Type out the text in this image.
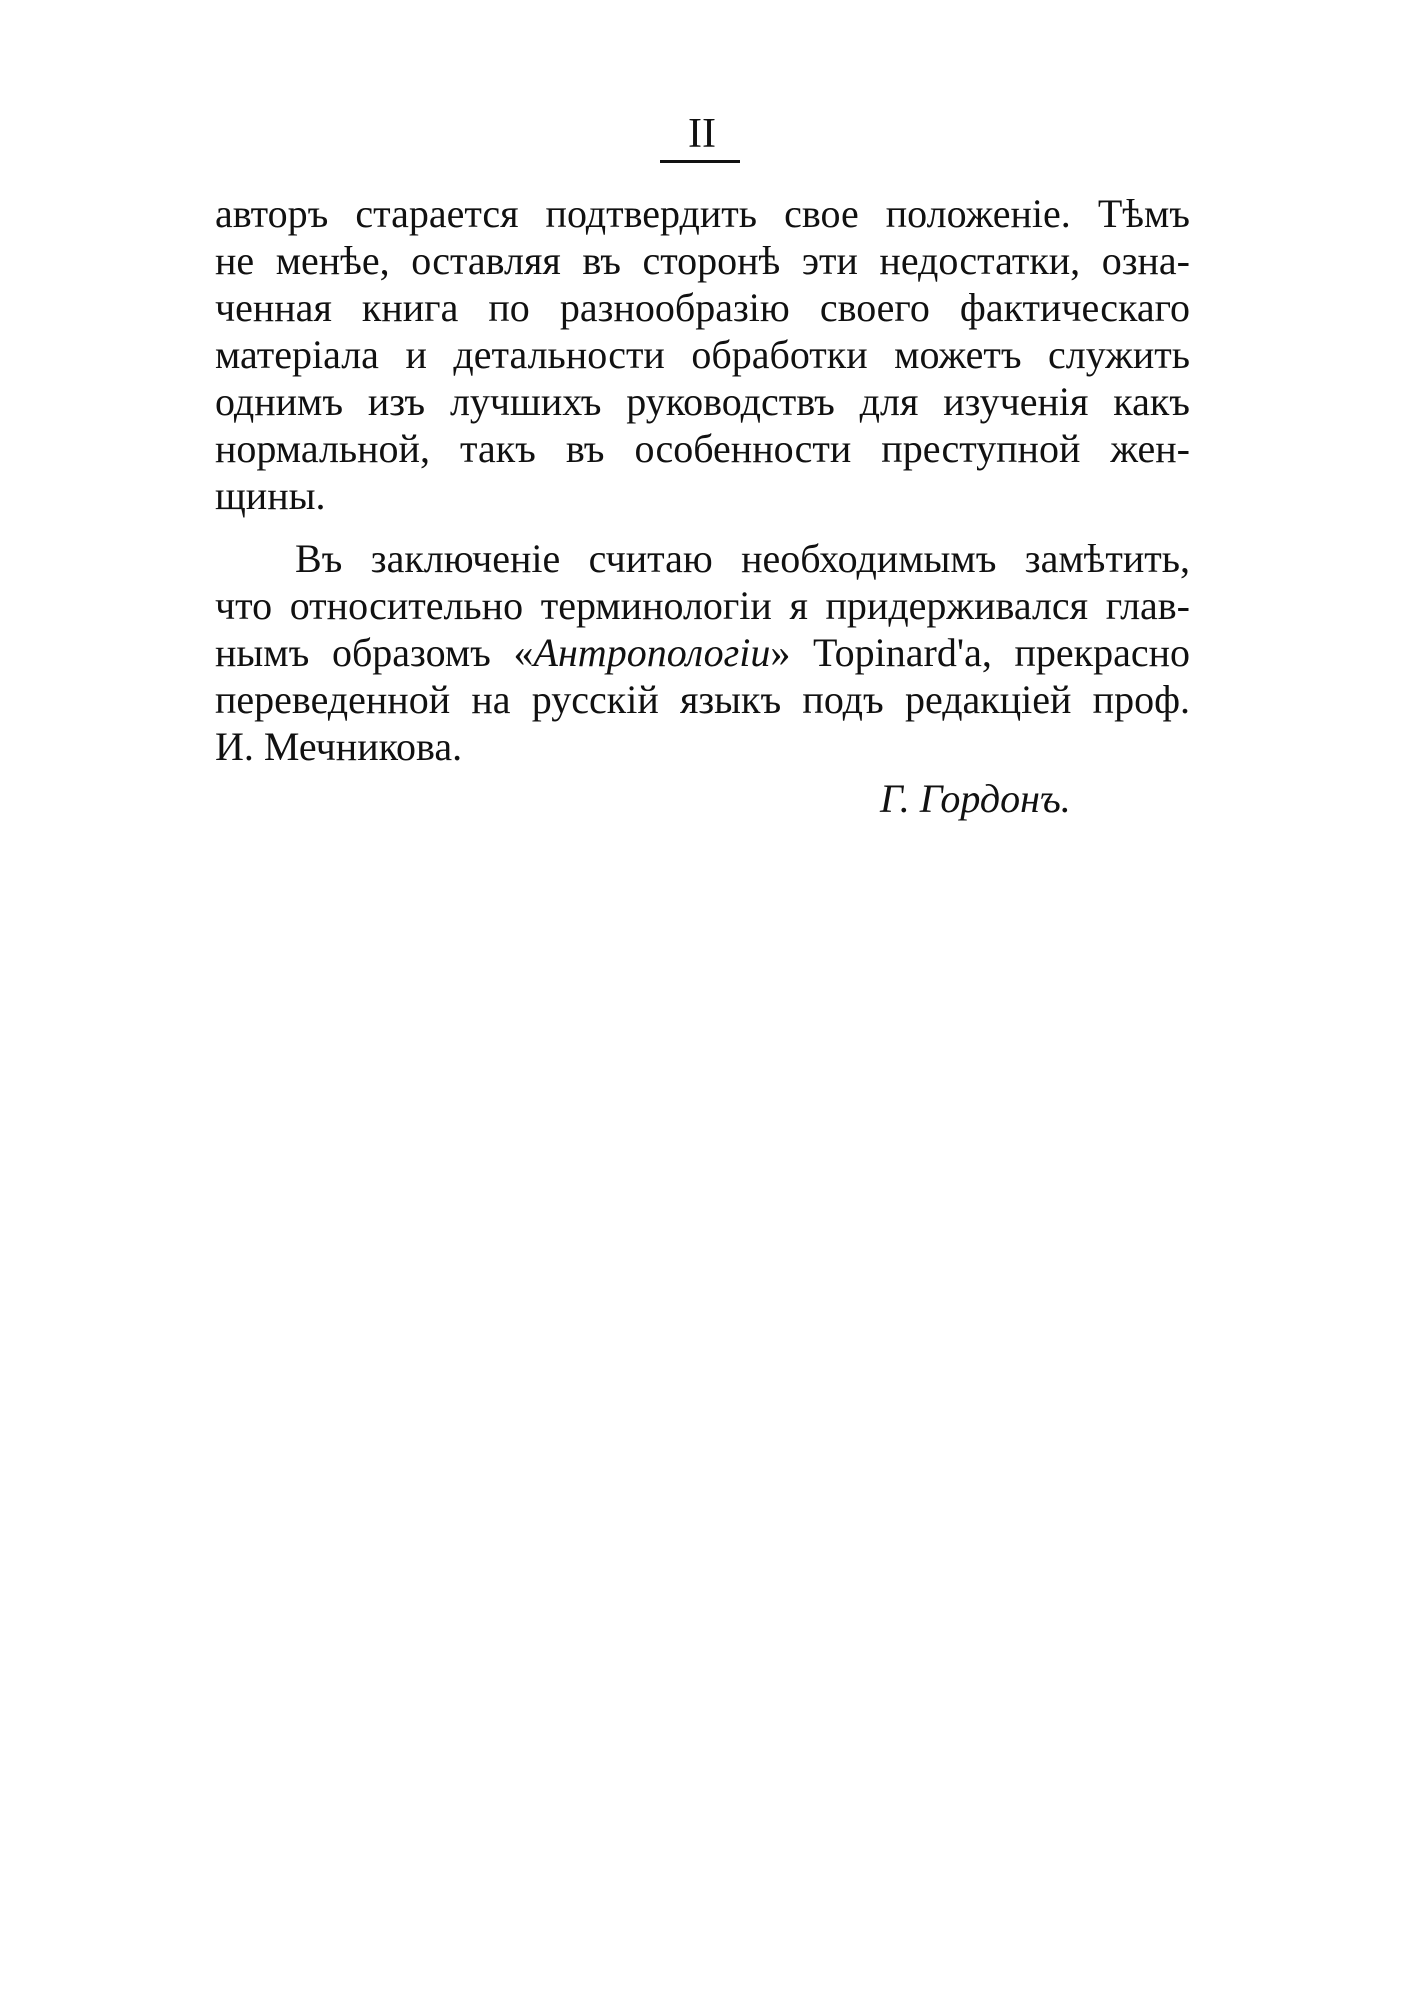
II
авторъ старается подтвердить свое положеніе. Тѣмъ
не менѣе, оставляя въ сторонѣ эти недостатки, озна-
ченная книга по разнообразію своего фактическаго
матеріала и детальности обработки можетъ служить
однимъ изъ лучшихъ руководствъ для изученія какъ
нормальной, такъ въ особенности преступной жен-
щины.
Въ заключеніе считаю необходимымъ замѣтить,
что относительно терминологіи я придерживался глав-
нымъ образомъ «Антропологіи» Topinard'a, прекрасно
переведенной на русскій языкъ подъ редакціей проф.
И. Мечникова.
Г. Гордонъ.
